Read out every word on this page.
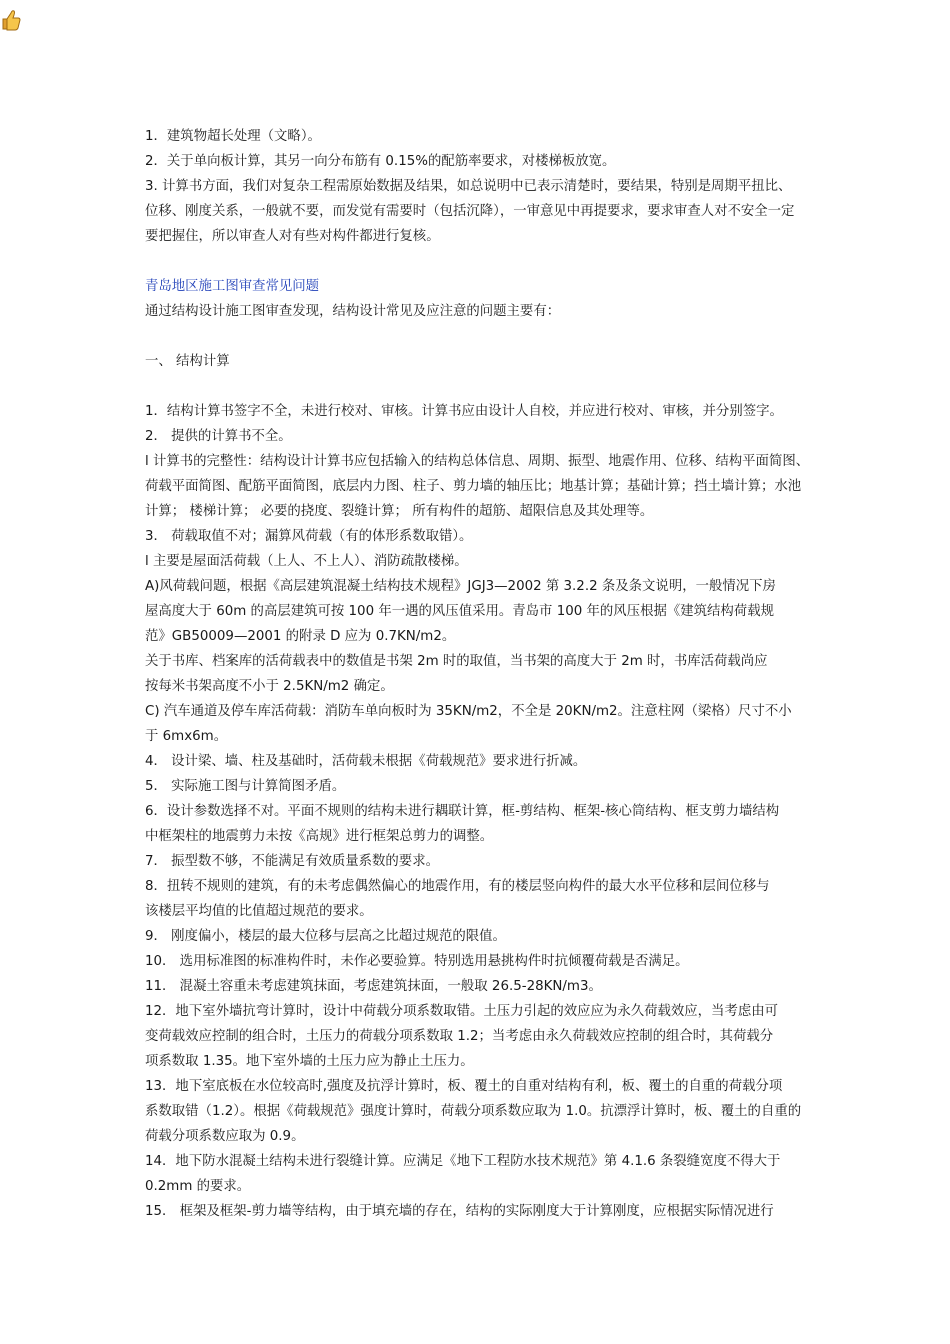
1．建筑物超长处理（文略）。
2．关于单向板计算，其另一向分布筋有 0.15%的配筋率要求，对楼梯板放宽。
3. 计算书方面，我们对复杂工程需原始数据及结果，如总说明中已表示清楚时，要结果，特别是周期平扭比、
位移、刚度关系，一般就不要，而发觉有需要时（包括沉降），一审意见中再提要求，要求审查人对不安全一定
要把握住，所以审查人对有些对构件都进行复核。
青岛地区施工图审查常见问题
通过结构设计施工图审查发现，结构设计常见及应注意的问题主要有：
一、 结构计算
1．结构计算书签字不全，未进行校对、审核。计算书应由设计人自校，并应进行校对、审核，并分别签字。
2． 提供的计算书不全。
l 计算书的完整性：结构设计计算书应包括输入的结构总体信息、周期、振型、地震作用、位移、结构平面简图、
荷载平面简图、配筋平面简图，底层内力图、柱子、剪力墙的轴压比；地基计算；基础计算；挡土墙计算；水池
计算； 楼梯计算； 必要的挠度、裂缝计算； 所有构件的超筋、超限信息及其处理等。
3． 荷载取值不对；漏算风荷载（有的体形系数取错）。
l 主要是屋面活荷载（上人、不上人）、消防疏散楼梯。
A)风荷载问题，根据《高层建筑混凝土结构技术规程》JGJ3—2002 第 3.2.2 条及条文说明，一般情况下房
屋高度大于 60m 的高层建筑可按 100 年一遇的风压值采用。青岛市 100 年的风压根据《建筑结构荷载规
范》GB50009—2001 的附录 D 应为 0.7KN/m2。
关于书库、档案库的活荷载表中的数值是书架 2m 时的取值，当书架的高度大于 2m 时，书库活荷载尚应
按每米书架高度不小于 2.5KN/m2 确定。
C) 汽车通道及停车库活荷载：消防车单向板时为 35KN/m2，不全是 20KN/m2。注意柱网（梁格）尺寸不小
于 6mx6m。
4． 设计梁、墙、柱及基础时，活荷载未根据《荷载规范》要求进行折减。
5． 实际施工图与计算简图矛盾。
6．设计参数选择不对。平面不规则的结构未进行耦联计算，框-剪结构、框架-核心筒结构、框支剪力墙结构
中框架柱的地震剪力未按《高规》进行框架总剪力的调整。
7． 振型数不够，不能满足有效质量系数的要求。
8．扭转不规则的建筑，有的未考虑偶然偏心的地震作用，有的楼层竖向构件的最大水平位移和层间位移与
该楼层平均值的比值超过规范的要求。
9． 刚度偏小，楼层的最大位移与层高之比超过规范的限值。
10． 选用标准图的标准构件时，未作必要验算。特别选用悬挑构件时抗倾覆荷载是否满足。
11． 混凝土容重未考虑建筑抹面，考虑建筑抹面，一般取 26.5-28KN/m3。
12．地下室外墙抗弯计算时，设计中荷载分项系数取错。土压力引起的效应应为永久荷载效应，当考虑由可
变荷载效应控制的组合时，土压力的荷载分项系数取 1.2；当考虑由永久荷载效应控制的组合时，其荷载分
项系数取 1.35。地下室外墙的土压力应为静止土压力。
13．地下室底板在水位较高时,强度及抗浮计算时，板、覆土的自重对结构有利，板、覆土的自重的荷载分项
系数取错（1.2）。根据《荷载规范》强度计算时，荷载分项系数应取为 1.0。抗漂浮计算时，板、覆土的自重的
荷载分项系数应取为 0.9。
14．地下防水混凝土结构未进行裂缝计算。应满足《地下工程防水技术规范》第 4.1.6 条裂缝宽度不得大于
0.2mm 的要求。
15． 框架及框架-剪力墙等结构，由于填充墙的存在，结构的实际刚度大于计算刚度，应根据实际情况进行
